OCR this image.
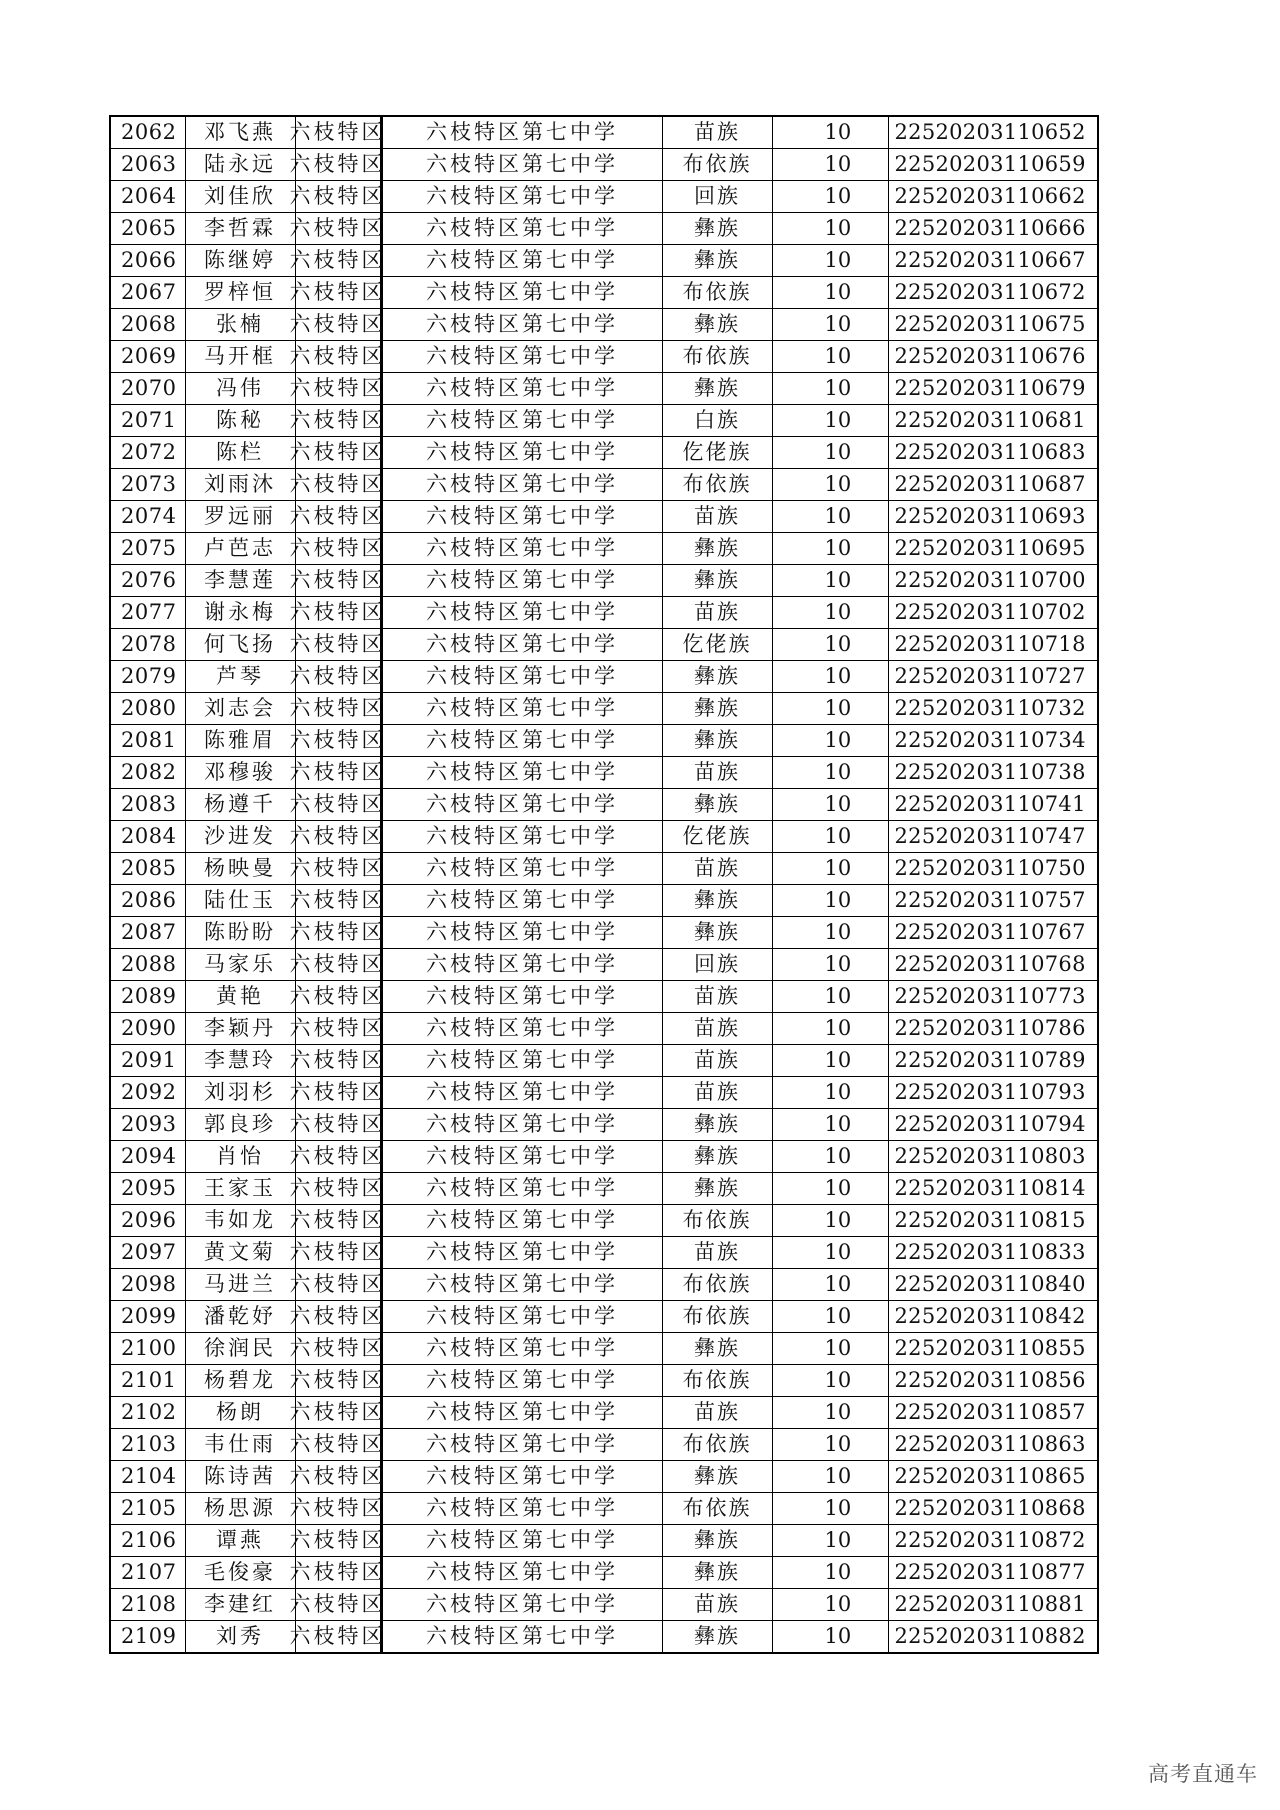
2062	邓飞燕	六枝特区	六枝特区第七中学	苗族	10	22520203110652
2063	陆永远	六枝特区	六枝特区第七中学	布依族	10	22520203110659
2064	刘佳欣	六枝特区	六枝特区第七中学	回族	10	22520203110662
2065	李哲霖	六枝特区	六枝特区第七中学	彝族	10	22520203110666
2066	陈继婷	六枝特区	六枝特区第七中学	彝族	10	22520203110667
2067	罗梓恒	六枝特区	六枝特区第七中学	布依族	10	22520203110672
2068	张楠	六枝特区	六枝特区第七中学	彝族	10	22520203110675
2069	马开框	六枝特区	六枝特区第七中学	布依族	10	22520203110676
2070	冯伟	六枝特区	六枝特区第七中学	彝族	10	22520203110679
2071	陈秘	六枝特区	六枝特区第七中学	白族	10	22520203110681
2072	陈栏	六枝特区	六枝特区第七中学	仡佬族	10	22520203110683
2073	刘雨沐	六枝特区	六枝特区第七中学	布依族	10	22520203110687
2074	罗远丽	六枝特区	六枝特区第七中学	苗族	10	22520203110693
2075	卢芭志	六枝特区	六枝特区第七中学	彝族	10	22520203110695
2076	李慧莲	六枝特区	六枝特区第七中学	彝族	10	22520203110700
2077	谢永梅	六枝特区	六枝特区第七中学	苗族	10	22520203110702
2078	何飞扬	六枝特区	六枝特区第七中学	仡佬族	10	22520203110718
2079	芦琴	六枝特区	六枝特区第七中学	彝族	10	22520203110727
2080	刘志会	六枝特区	六枝特区第七中学	彝族	10	22520203110732
2081	陈雅眉	六枝特区	六枝特区第七中学	彝族	10	22520203110734
2082	邓穆骏	六枝特区	六枝特区第七中学	苗族	10	22520203110738
2083	杨遵千	六枝特区	六枝特区第七中学	彝族	10	22520203110741
2084	沙进发	六枝特区	六枝特区第七中学	仡佬族	10	22520203110747
2085	杨映曼	六枝特区	六枝特区第七中学	苗族	10	22520203110750
2086	陆仕玉	六枝特区	六枝特区第七中学	彝族	10	22520203110757
2087	陈盼盼	六枝特区	六枝特区第七中学	彝族	10	22520203110767
2088	马家乐	六枝特区	六枝特区第七中学	回族	10	22520203110768
2089	黄艳	六枝特区	六枝特区第七中学	苗族	10	22520203110773
2090	李颖丹	六枝特区	六枝特区第七中学	苗族	10	22520203110786
2091	李慧玲	六枝特区	六枝特区第七中学	苗族	10	22520203110789
2092	刘羽杉	六枝特区	六枝特区第七中学	苗族	10	22520203110793
2093	郭良珍	六枝特区	六枝特区第七中学	彝族	10	22520203110794
2094	肖怡	六枝特区	六枝特区第七中学	彝族	10	22520203110803
2095	王家玉	六枝特区	六枝特区第七中学	彝族	10	22520203110814
2096	韦如龙	六枝特区	六枝特区第七中学	布依族	10	22520203110815
2097	黄文菊	六枝特区	六枝特区第七中学	苗族	10	22520203110833
2098	马进兰	六枝特区	六枝特区第七中学	布依族	10	22520203110840
2099	潘乾妤	六枝特区	六枝特区第七中学	布依族	10	22520203110842
2100	徐润民	六枝特区	六枝特区第七中学	彝族	10	22520203110855
2101	杨碧龙	六枝特区	六枝特区第七中学	布依族	10	22520203110856
2102	杨朗	六枝特区	六枝特区第七中学	苗族	10	22520203110857
2103	韦仕雨	六枝特区	六枝特区第七中学	布依族	10	22520203110863
2104	陈诗茜	六枝特区	六枝特区第七中学	彝族	10	22520203110865
2105	杨思源	六枝特区	六枝特区第七中学	布依族	10	22520203110868
2106	谭燕	六枝特区	六枝特区第七中学	彝族	10	22520203110872
2107	毛俊豪	六枝特区	六枝特区第七中学	彝族	10	22520203110877
2108	李建红	六枝特区	六枝特区第七中学	苗族	10	22520203110881
2109	刘秀	六枝特区	六枝特区第七中学	彝族	10	22520203110882
高考直通车
